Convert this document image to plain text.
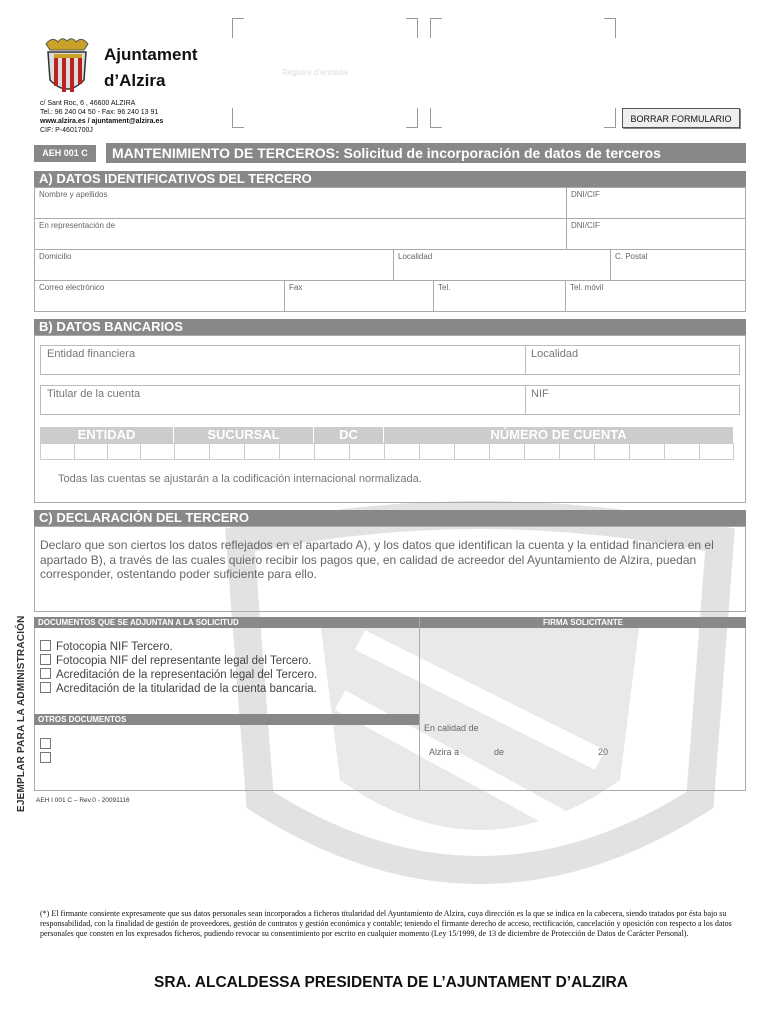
Ajuntament
d’Alzira
c/ Sant Roc, 6 , 46600 ALZIRA
Tel.: 96 240 04 50 - Fax: 96 240 13 91
www.alzira.es / ajuntament@alzira.es
CIF: P-4601700J
Registre d’entrada
BORRAR FORMULARIO
AEH 001 C	MANTENIMIENTO DE TERCEROS: Solicitud de incorporación de datos de terceros
A) DATOS IDENTIFICATIVOS DEL TERCERO
Nombre y apellidos	DNI/CIF
En representación de	DNI/CIF
Domicilio	Localidad	C. Postal
Correo electrónico	Fax	Tel.	Tel. móvil
B) DATOS BANCARIOS
Entidad financiera	Localidad
Titular de la cuenta	NIF
ENTIDAD	SUCURSAL	DC	NÚMERO DE CUENTA
Todas las cuentas se ajustarán a la codificación internacional normalizada.
C) DECLARACIÓN DEL TERCERO
Declaro que son ciertos los datos reflejados en el apartado A), y los datos que identifican la cuenta y la entidad financiera en el apartado B), a través de las cuales quiero recibir los pagos que, en calidad de acreedor del Ayuntamiento de Alzira, puedan corresponder, ostentando poder suficiente para ello.
EJEMPLAR PARA LA ADMINISTRACIÓN	DOCUMENTOS QUE SE ADJUNTAN A LA SOLICITUD	FIRMA SOLICITANTE
Fotocopia NIF Tercero.
Fotocopia NIF del representante legal del Tercero.
Acreditación de la representación legal del Tercero.
Acreditación de la titularidad de la cuenta bancaria.
OTROS DOCUMENTOS
En calidad de
Alzira a	de	20
AEH I 001 C – Rev.0 - 20091116
(*) El firmante consiente expresamente que sus datos personales sean incorporados a ficheros titularidad del Ayuntamiento de Alzira, cuya dirección es la que se indica en la cabecera, siendo tratados por ésta bajo su responsabilidad, con la finalidad de gestión de proveedores, gestión de contratos y gestión económica y contable; teniendo el firmante derecho de acceso, rectificación, cancelación y oposición con respecto a los datos personales que consten en los expresados ficheros, pudiendo revocar su consentimiento por escrito en cualquier momento (Ley 15/1999, de 13 de diciembre de Protección de Datos de Carácter Personal).
SRA. ALCALDESSA PRESIDENTA DE L’AJUNTAMENT D’ALZIRA
